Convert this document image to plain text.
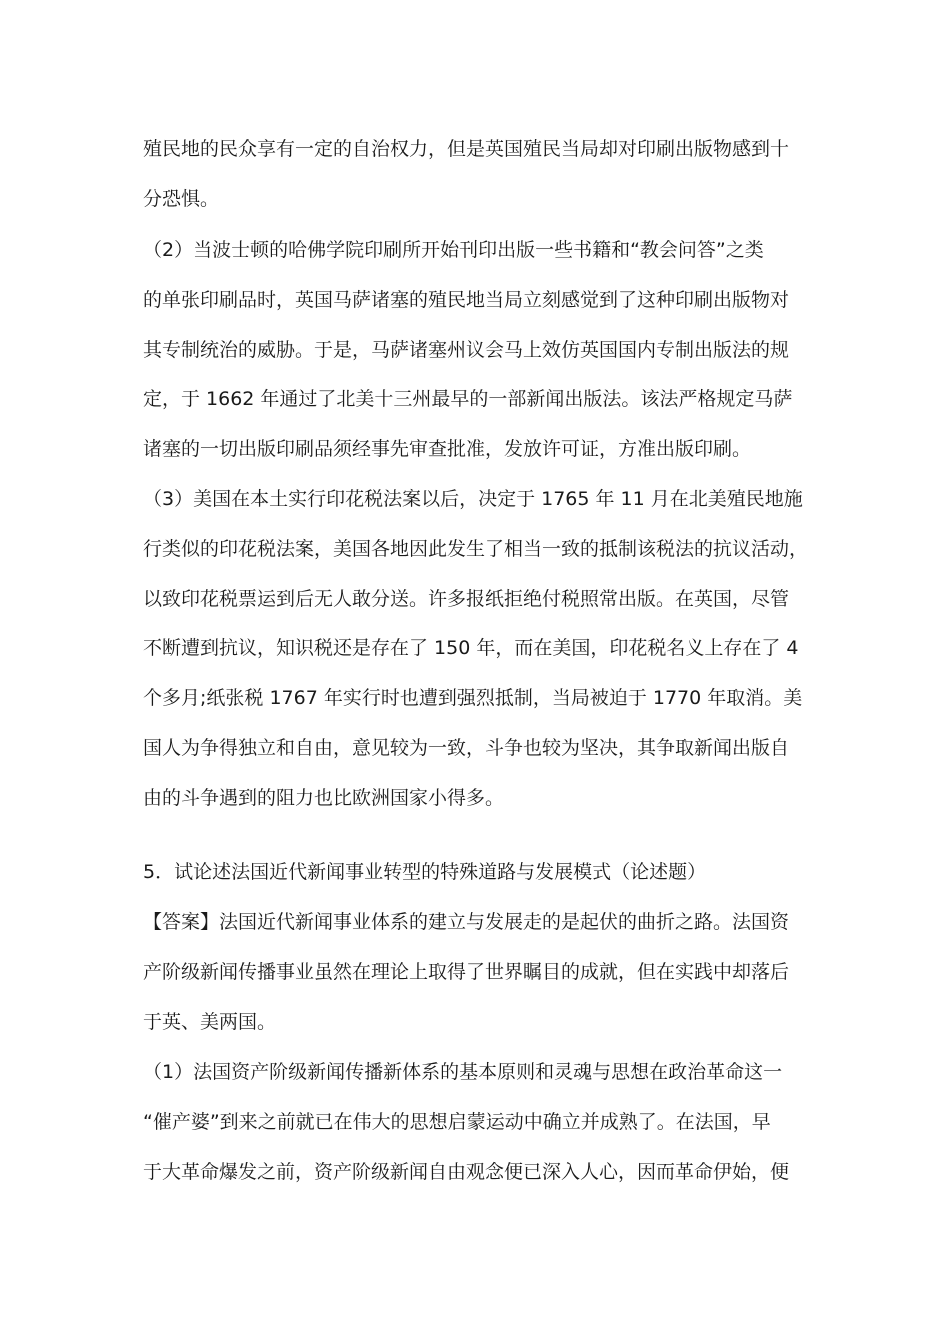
殖民地的民众享有一定的自治权力，但是英国殖民当局却对印刷出版物感到十
分恐惧。
（2）当波士顿的哈佛学院印刷所开始刊印出版一些书籍和“教会问答”之类
的单张印刷品时，英国马萨诸塞的殖民地当局立刻感觉到了这种印刷出版物对
其专制统治的威胁。于是，马萨诸塞州议会马上效仿英国国内专制出版法的规
定，于 1662 年通过了北美十三州最早的一部新闻出版法。该法严格规定马萨
诸塞的一切出版印刷品须经事先审查批准，发放许可证，方准出版印刷。
（3）美国在本土实行印花税法案以后，决定于 1765 年 11 月在北美殖民地施
行类似的印花税法案，美国各地因此发生了相当一致的抵制该税法的抗议活动，
以致印花税票运到后无人敢分送。许多报纸拒绝付税照常出版。在英国，尽管
不断遭到抗议，知识税还是存在了 150 年，而在美国，印花税名义上存在了 4
个多月;纸张税 1767 年实行时也遭到强烈抵制，当局被迫于 1770 年取消。美
国人为争得独立和自由，意见较为一致，斗争也较为坚决，其争取新闻出版自
由的斗争遇到的阻力也比欧洲国家小得多。
5．试论述法国近代新闻事业转型的特殊道路与发展模式（论述题）
【答案】法国近代新闻事业体系的建立与发展走的是起伏的曲折之路。法国资
产阶级新闻传播事业虽然在理论上取得了世界瞩目的成就，但在实践中却落后
于英、美两国。
（1）法国资产阶级新闻传播新体系的基本原则和灵魂与思想在政治革命这一
“催产婆”到来之前就已在伟大的思想启蒙运动中确立并成熟了。在法国，早
于大革命爆发之前，资产阶级新闻自由观念便已深入人心，因而革命伊始，便
